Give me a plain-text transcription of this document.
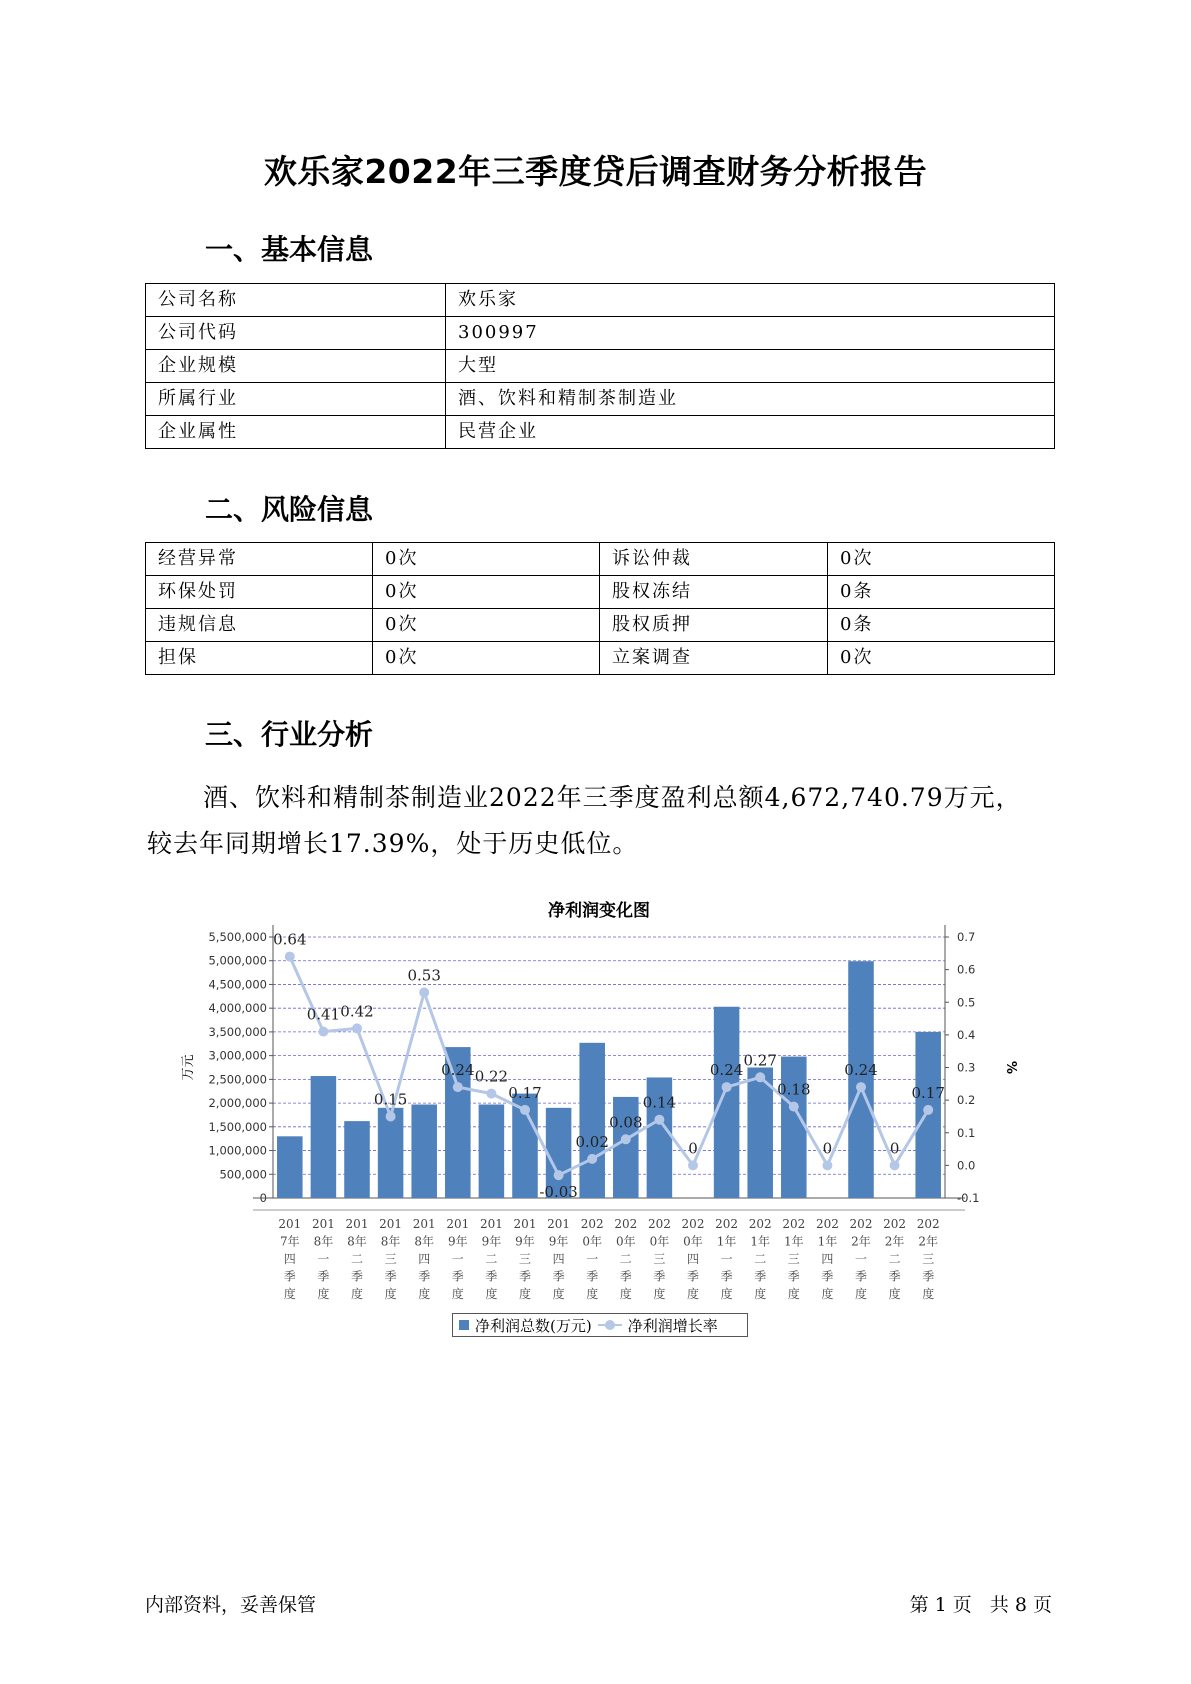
欢乐家2022年三季度贷后调查财务分析报告
一、基本信息
公司名称	欢乐家
公司代码	300997
企业规模	大型
所属行业	酒、饮料和精制茶制造业
企业属性	民营企业
二、风险信息
经营异常	0次	诉讼仲裁	0次
环保处罚	0次	股权冻结	0条
违规信息	0次	股权质押	0条
担保	0次	立案调查	0次
三、行业分析
酒、饮料和精制茶制造业2022年三季度盈利总额4,672,740.79万元，
较去年同期增长17.39%，处于历史低位。
净利润变化图
0
500,000
1,000,000
1,500,000
2,000,000
2,500,000
3,000,000
3,500,000
4,000,000
4,500,000
5,000,000
5,500,000
-0.1
0.0
0.1
0.2
0.3
0.4
0.5
0.6
0.7
万元	%
0.64
0.41 0.42
0.15
0.53
0.24 0.22
0.17
-0.03
0.02
0.08
0.14
0
0.24
0.27
0.18
0
0.24
0
0.17
201 7年四季度
201 8年一季度
201 8年二季度
201 8年三季度
201 8年四季度
201 9年一季度
201 9年二季度
201 9年三季度
201 9年四季度
202 0年一季度
202 0年二季度
202 0年三季度
202 0年四季度
202 1年一季度
202 1年二季度
202 1年三季度
202 1年四季度
202 2年一季度
202 2年二季度
202 2年三季度
净利润总数(万元) 净利润增长率
内部资料，妥善保管	第 1 页 共 8 页
